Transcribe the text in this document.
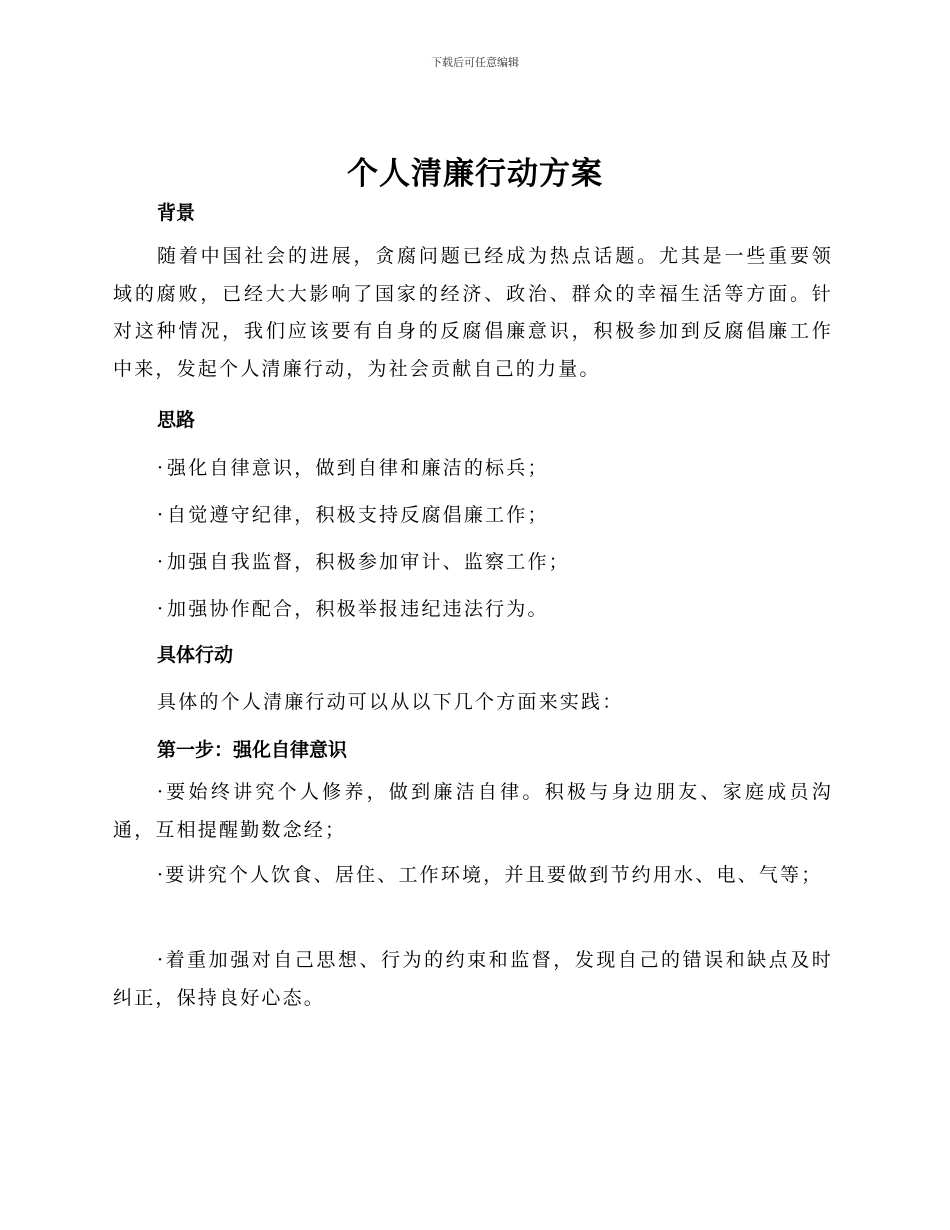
下载后可任意编辑
个人清廉行动方案
背景
随着中国社会的进展，贪腐问题已经成为热点话题。尤其是一些重要领域的腐败，已经大大影响了国家的经济、政治、群众的幸福生活等方面。针对这种情况，我们应该要有自身的反腐倡廉意识，积极参加到反腐倡廉工作中来，发起个人清廉行动，为社会贡献自己的力量。
思路
· 强化自律意识，做到自律和廉洁的标兵；
· 自觉遵守纪律，积极支持反腐倡廉工作；
· 加强自我监督，积极参加审计、监察工作；
· 加强协作配合，积极举报违纪违法行为。
具体行动
具体的个人清廉行动可以从以下几个方面来实践：
第一步：强化自律意识
·要始终讲究个人修养，做到廉洁自律。积极与身边朋友、家庭成员沟通，互相提醒勤数念经；
·要讲究个人饮食、居住、工作环境，并且要做到节约用水、电、气等；
·着重加强对自己思想、行为的约束和监督，发现自己的错误和缺点及时纠正，保持良好心态。
